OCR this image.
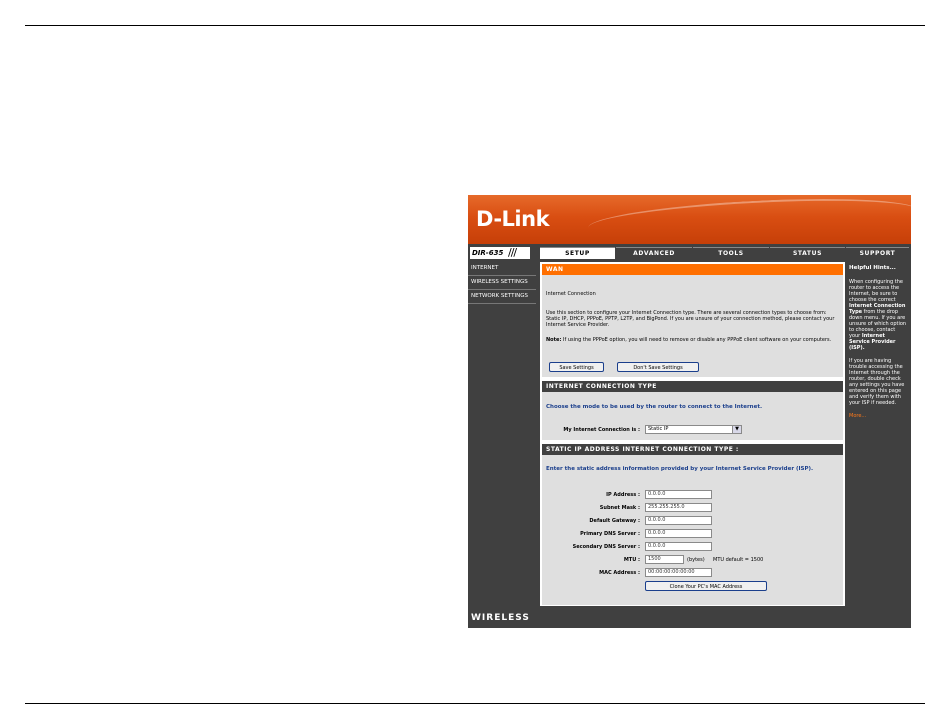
D-Link
DIR-635 ///	SETUP	ADVANCED	TOOLS	STATUS	SUPPORT
INTERNET
WIRELESS SETTINGS
NETWORK SETTINGS
WAN
Internet Connection
Use this section to configure your Internet Connection type. There are several connection types to choose from: Static IP, DHCP, PPPoE, PPTP, L2TP, and BigPond. If you are unsure of your connection method, please contact your Internet Service Provider.
Note: If using the PPPoE option, you will need to remove or disable any PPPoE client software on your computers.
Save Settings	Don't Save Settings
INTERNET CONNECTION TYPE
Choose the mode to be used by the router to connect to the Internet.
My Internet Connection is :	Static IP	▼
STATIC IP ADDRESS INTERNET CONNECTION TYPE :
Enter the static address information provided by your Internet Service Provider (ISP).
IP Address :	0.0.0.0
Subnet Mask :	255.255.255.0
Default Gateway :	0.0.0.0
Primary DNS Server :	0.0.0.0
Secondary DNS Server :	0.0.0.0
MTU :	1500	(bytes) MTU default = 1500
MAC Address :	00:00:00:00:00:00
Clone Your PC's MAC Address
Helpful Hints...

When configuring the router to access the Internet, be sure to choose the correct Internet Connection Type from the drop down menu. If you are unsure of which option to choose, contact your Internet Service Provider (ISP).

If you are having trouble accessing the Internet through the router, double check any settings you have entered on this page and verify them with your ISP if needed.

More...

WIRELESS
